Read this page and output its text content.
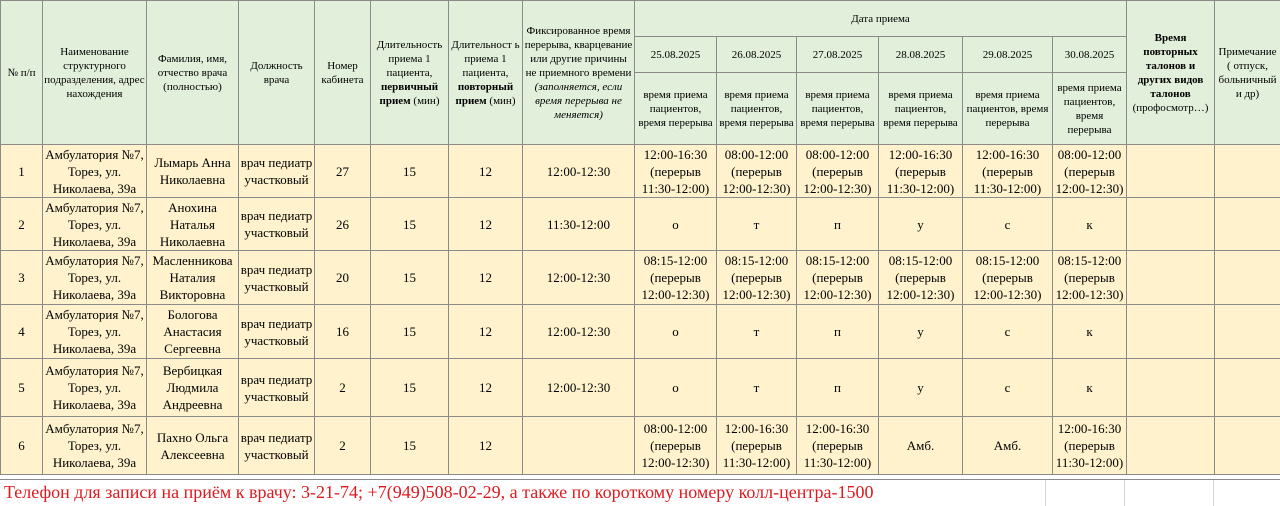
№ п/п	Наименование структурного подразделения, адрес нахождения	Фамилия, имя, отчество врача (полностью)	Должность врача	Номер кабинета	Длительность приема 1 пациента, первичный прием (мин)	Длительност ь приема 1 пациента, повторный прием (мин)	Фиксированное время перерыва, кварцевание или другие причины не приемного времени (заполняется, если время перерыва не меняется)	Дата приема						Время повторных талонов и других видов талонов (профосмотр…)	Примечание ( отпуск, больничный и др)
								25.08.2025	26.08.2025	27.08.2025	28.08.2025	29.08.2025	30.08.2025		
								время приема пациентов, время перерыва	время приема пациентов, время перерыва	время приема пациентов, время перерыва	время приема пациентов, время перерыва	время приема пациентов, время перерыва	время приема пациентов, время перерыва		
1	Амбулатория №7, Торез, ул. Николаева, 39а	Лымарь Анна Николаевна	врач педиатр участковый	27	15	12	12:00-12:30	12:00-16:30 (перерыв 11:30-12:00)	08:00-12:00 (перерыв 12:00-12:30)	08:00-12:00 (перерыв 12:00-12:30)	12:00-16:30 (перерыв 11:30-12:00)	12:00-16:30 (перерыв 11:30-12:00)	08:00-12:00 (перерыв 12:00-12:30)		
2	Амбулатория №7, Торез, ул. Николаева, 39а	Анохина Наталья Николаевна	врач педиатр участковый	26	15	12	11:30-12:00	о	т	п	у	с	к		
3	Амбулатория №7, Торез, ул. Николаева, 39а	Масленникова Наталия Викторовна	врач педиатр участковый	20	15	12	12:00-12:30	08:15-12:00 (перерыв 12:00-12:30)	08:15-12:00 (перерыв 12:00-12:30)	08:15-12:00 (перерыв 12:00-12:30)	08:15-12:00 (перерыв 12:00-12:30)	08:15-12:00 (перерыв 12:00-12:30)	08:15-12:00 (перерыв 12:00-12:30)		
4	Амбулатория №7, Торез, ул. Николаева, 39а	Бологова Анастасия Сергеевна	врач педиатр участковый	16	15	12	12:00-12:30	о	т	п	у	с	к		
5	Амбулатория №7, Торез, ул. Николаева, 39а	Вербицкая Людмила Андреевна	врач педиатр участковый	2	15	12	12:00-12:30	о	т	п	у	с	к		
6	Амбулатория №7, Торез, ул. Николаева, 39а	Пахно Ольга Алексеевна	врач педиатр участковый	2	15	12		08:00-12:00 (перерыв 12:00-12:30)	12:00-16:30 (перерыв 11:30-12:00)	12:00-16:30 (перерыв 11:30-12:00)	Амб.	Амб.	12:00-16:30 (перерыв 11:30-12:00)		
Телефон для записи на приём к врачу: 3-21-74; +7(949)508-02-29, а также по короткому номеру колл-центра-1500
